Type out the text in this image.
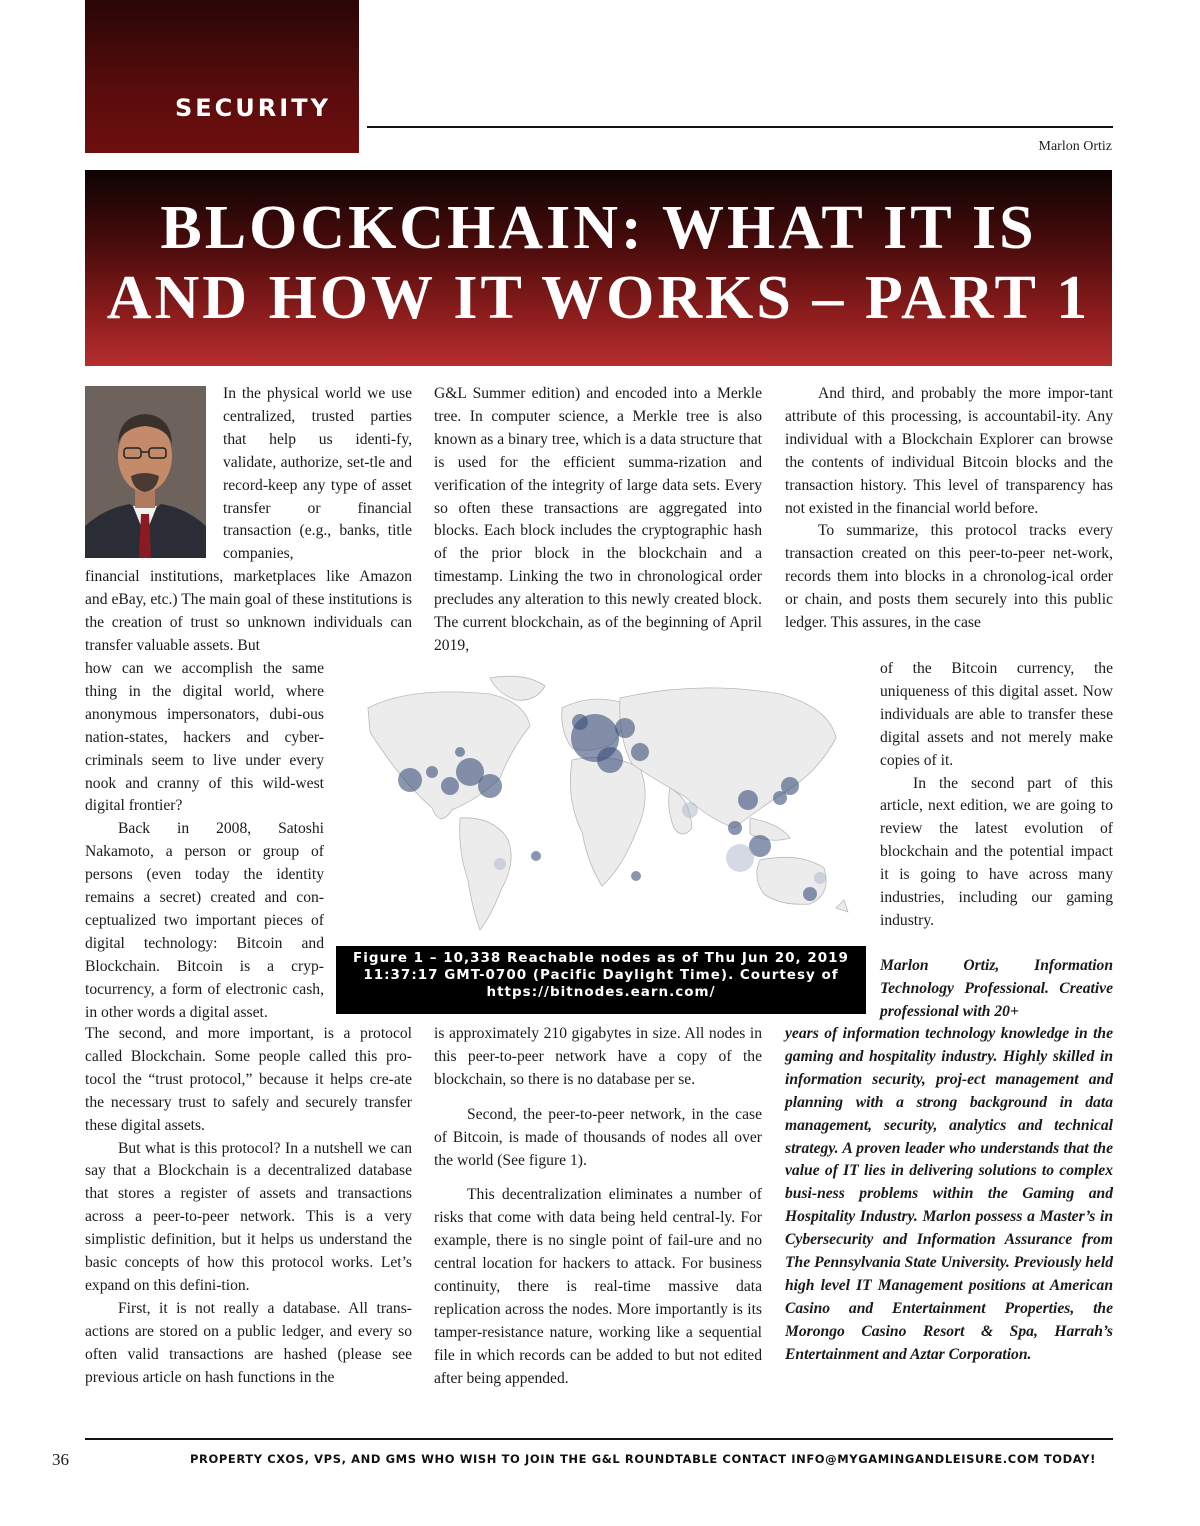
SECURITY
Marlon Ortiz
BLOCKCHAIN: WHAT IT IS
AND HOW IT WORKS – PART 1

In the physical world we use centralized, trusted parties that help us identi-fy, validate, authorize, set-tle and record-keep any type of asset transfer or financial transaction (e.g., banks, title companies,

financial institutions, marketplaces like Amazon and eBay, etc.) The main goal of these institutions is the creation of trust so unknown individuals can transfer valuable assets. But

how can we accomplish the same thing in the digital world, where anonymous impersonators, dubi-ous nation-states, hackers and cyber-criminals seem to live under every nook and cranny of this wild-west digital frontier?

Back in 2008, Satoshi Nakamoto, a person or group of persons (even today the identity remains a secret) created and con-ceptualized two important pieces of digital technology: Bitcoin and Blockchain. Bitcoin is a cryp-tocurrency, a form of electronic cash, in other words a digital asset.

The second, and more important, is a protocol called Blockchain. Some people called this pro-tocol the “trust protocol,” because it helps cre-ate the necessary trust to safely and securely transfer these digital assets.

But what is this protocol? In a nutshell we can say that a Blockchain is a decentralized database that stores a register of assets and transactions across a peer-to-peer network. This is a very simplistic definition, but it helps us understand the basic concepts of how this protocol works. Let’s expand on this defini-tion.

First, it is not really a database. All trans-actions are stored on a public ledger, and every so often valid transactions are hashed (please see previous article on hash functions in the

G&L Summer edition) and encoded into a Merkle tree. In computer science, a Merkle tree is also known as a binary tree, which is a data structure that is used for the efficient summa-rization and verification of the integrity of large data sets. Every so often these transactions are aggregated into blocks. Each block includes the cryptographic hash of the prior block in the blockchain and a timestamp. Linking the two in chronological order precludes any alteration to this newly created block. The current blockchain, as of the beginning of April 2019,

is approximately 210 gigabytes in size. All nodes in this peer-to-peer network have a copy of the blockchain, so there is no database per se.

Second, the peer-to-peer network, in the case of Bitcoin, is made of thousands of nodes all over the world (See figure 1).

This decentralization eliminates a number of risks that come with data being held central-ly. For example, there is no single point of fail-ure and no central location for hackers to attack. For business continuity, there is real-time massive data replication across the nodes. More importantly is its tamper-resistance nature, working like a sequential file in which records can be added to but not edited after being appended.

And third, and probably the more impor-tant attribute of this processing, is accountabil-ity. Any individual with a Blockchain Explorer can browse the contents of individual Bitcoin blocks and the transaction history. This level of transparency has not existed in the financial world before.

To summarize, this protocol tracks every transaction created on this peer-to-peer net-work, records them into blocks in a chronolog-ical order or chain, and posts them securely into this public ledger. This assures, in the case

of the Bitcoin currency, the uniqueness of this digital asset. Now individuals are able to transfer these digital assets and not merely make copies of it.

In the second part of this article, next edition, we are going to review the latest evolution of blockchain and the potential impact it is going to have across many industries, including our gaming industry.

Marlon Ortiz, Information Technology Professional. Creative professional with 20+

years of information technology knowledge in the gaming and hospitality industry. Highly skilled in information security, proj-ect management and planning with a strong background in data management, security, analytics and technical strategy. A proven leader who understands that the value of IT lies in delivering solutions to complex busi-ness problems within the Gaming and Hospitality Industry. Marlon possess a Master’s in Cybersecurity and Information Assurance from The Pennsylvania State University. Previously held high level IT Management positions at American Casino and Entertainment Properties, the Morongo Casino Resort & Spa, Harrah’s Entertainment and Aztar Corporation.

Figure 1 – 10,338 Reachable nodes as of Thu Jun 20, 2019 11:37:17 GMT-0700 (Pacific Daylight Time). Courtesy of https://bitnodes.earn.com/
36	PROPERTY CXOS, VPS, AND GMS WHO WISH TO JOIN THE G&L ROUNDTABLE CONTACT INFO@MYGAMINGANDLEISURE.COM TODAY!
